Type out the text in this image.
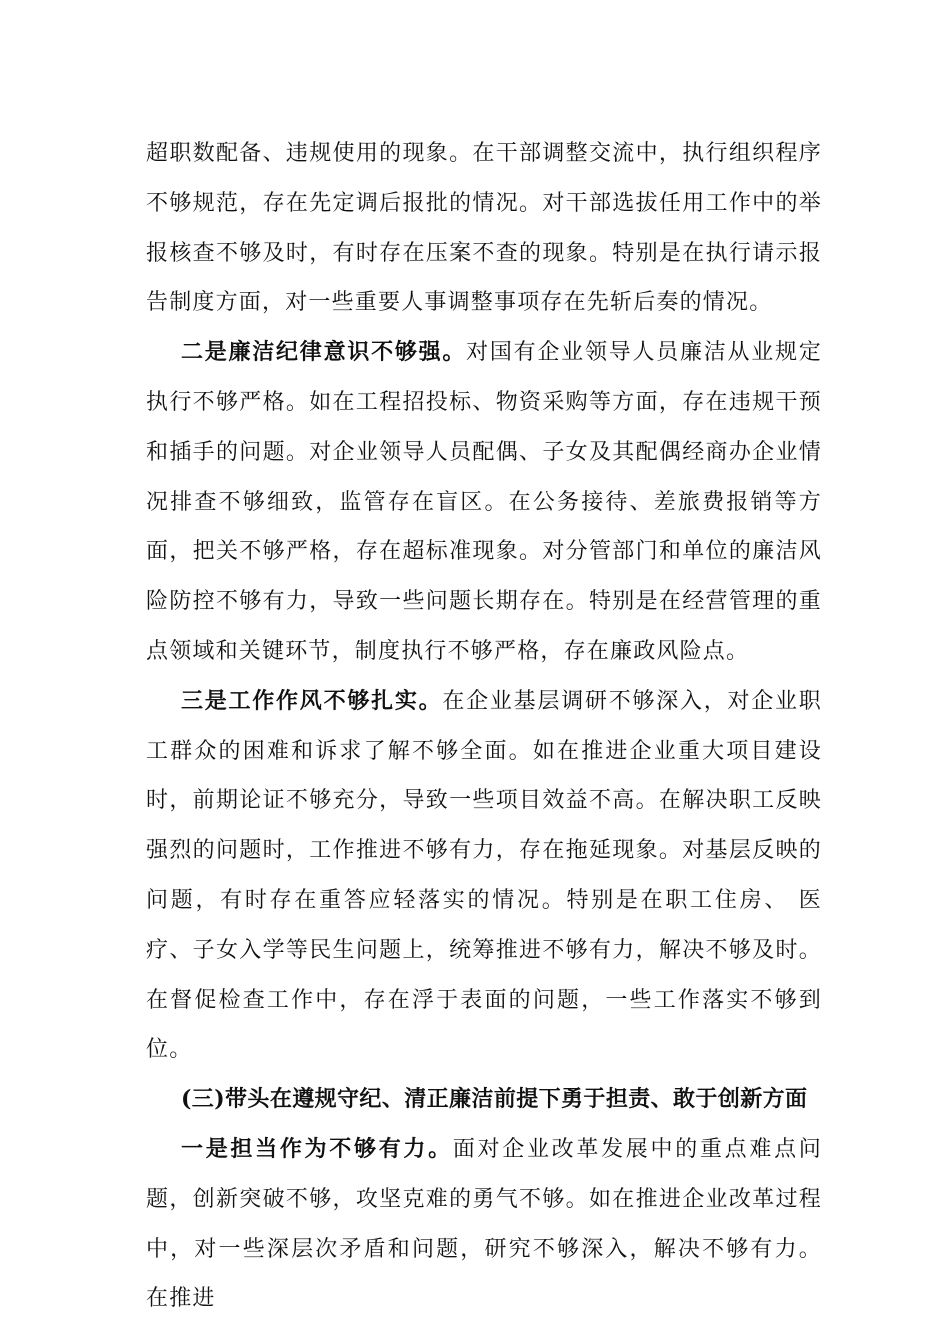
超职数配备、违规使用的现象。在干部调整交流中，执行组织程序不够规范，存在先定调后报批的情况。对干部选拔任用工作中的举报核查不够及时，有时存在压案不查的现象。特别是在执行请示报告制度方面，对一些重要人事调整事项存在先斩后奏的情况。

二是廉洁纪律意识不够强。对国有企业领导人员廉洁从业规定执行不够严格。如在工程招投标、物资采购等方面，存在违规干预和插手的问题。对企业领导人员配偶、子女及其配偶经商办企业情况排查不够细致，监管存在盲区。在公务接待、差旅费报销等方面，把关不够严格，存在超标准现象。对分管部门和单位的廉洁风险防控不够有力，导致一些问题长期存在。特别是在经营管理的重点领域和关键环节，制度执行不够严格，存在廉政风险点。

三是工作作风不够扎实。在企业基层调研不够深入，对企业职工群众的困难和诉求了解不够全面。如在推进企业重大项目建设时，前期论证不够充分，导致一些项目效益不高。在解决职工反映强烈的问题时，工作推进不够有力，存在拖延现象。对基层反映的问题，有时存在重答应轻落实的情况。特别是在职工住房、 医疗、子女入学等民生问题上，统筹推进不够有力，解决不够及时。在督促检查工作中，存在浮于表面的问题，一些工作落实不够到位。

(三)带头在遵规守纪、清正廉洁前提下勇于担责、敢于创新方面

一是担当作为不够有力。面对企业改革发展中的重点难点问题，创新突破不够，攻坚克难的勇气不够。如在推进企业改革过程中，对一些深层次矛盾和问题，研究不够深入，解决不够有力。 在推进
